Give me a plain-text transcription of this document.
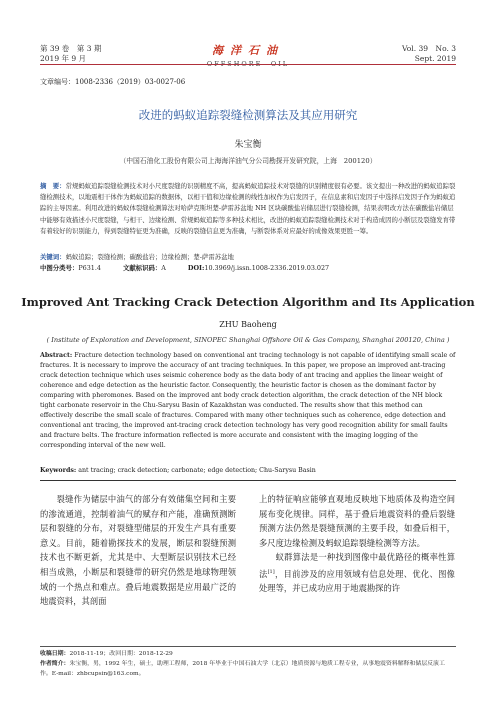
第 39 卷　第 3 期
2019 年 9 月
海洋石油
OFFSHORE　OIL
Vol. 39　No. 3
Sept. 2019
文章编号：1008-2336（2019）03-0027-06
改进的蚂蚁追踪裂缝检测算法及其应用研究
朱宝衡
（中国石油化工股份有限公司上海海洋油气分公司勘探开发研究院，上海　200120）
摘　要：常规蚂蚁追踪裂缝检测技术对小尺度裂缝的识别精度不高，提高蚂蚁追踪技术对裂缝的识别精度很有必要。该文提出一种改进的蚂蚁追踪裂缝检测技术，以地震相干体作为蚂蚁追踪的数据体，以相干值和边缘检测的线性加权作为启发因子，在信息素和启发因子中选择启发因子作为蚂蚁追踪的主导因素。利用改进的蚂蚁体裂缝检测算法对哈萨克斯坦楚-萨雷苏盆地 NH 区块碳酸盐岩储层进行裂缝检测，结果表明改方法在碳酸盐岩储层中能够有效描述小尺度裂缝，与相干、边缘检测、常规蚂蚁追踪等多种技术相比，改进的蚂蚁追踪裂缝检测技术对于构造成因的小断层及裂缝发育带有着较好的识别能力，得到裂缝特征更为准确，反映的裂缝信息更为准确，与断裂体系对应最好的成像效果更胜一筹。
关键词：蚂蚁追踪；裂缝检测；碳酸盐岩；边缘检测；楚-萨雷苏盆地
中图分类号：P631.4	文献标识码：A	DOI:10.3969/j.issn.1008-2336.2019.03.027
Improved Ant Tracking Crack Detection Algorithm and Its Application
ZHU Baoheng
( Institute of Exploration and Development, SINOPEC Shanghai Offshore Oil & Gas Company, Shanghai 200120, China )
Abstract: Fracture detection technology based on conventional ant tracing technology is not capable of identifying small scale of fractures. It is necessary to improve the accuracy of ant tracing techniques. In this paper, we propose an improved ant-tracing crack detection technique which uses seismic coherence body as the data body of ant tracing and applies the linear weight of coherence and edge detection as the heuristic factor. Consequently, the heuristic factor is chosen as the dominant factor by comparing with pheromones. Based on the improved ant body crack detection algorithm, the crack detection of the NH block tight carbonate reservoir in the Chu-Sarysu Basin of Kazakhstan was conducted. The results show that this method can effectively describe the small scale of fractures. Compared with many other techniques such as coherence, edge detection and conventional ant tracing, the improved ant-tracing crack detection technology has very good recognition ability for small faults and fracture belts. The fracture information reflected is more accurate and consistent with the imaging logging of the corresponding interval of the new well.
Keywords: ant tracing; crack detection; carbonate; edge detection; Chu-Sarysu Basin
裂缝作为储层中油气的部分有效储集空间和主要的渗流通道，控制着油气的赋存和产能，准确预测断层和裂缝的分布，对裂缝型储层的开发生产具有重要意义。目前，随着勘探技术的发展，断层和裂缝预测技术也不断更新，尤其是中、大型断层识别技术已经相当成熟，小断层和裂缝带的研究仍然是地球物理领域的一个热点和难点。叠后地震数据是应用最广泛的地震资料，其剖面

上的特征响应能够直观地反映地下地质体及构造空间展布变化规律。同样，基于叠后地震资料的叠后裂缝预测方法仍然是裂缝预测的主要手段，如叠后相干，多尺度边缘检测及蚂蚁追踪裂缝检测等方法。

蚁群算法是一种找到图像中最优路径的概率性算法[1]，目前涉及的应用领域有信息处理、优化、图像处理等，并已成功应用于地震勘探的许

收稿日期：2018-11-19；改回日期：2018-12-29
作者简介：朱宝衡，男，1992 年生，硕士，助理工程师，2018 年毕业于中国石油大学（北京）地质资源与地质工程专业，从事地震资料解释和储层反演工作。E-mail：zhbcupsin@163.com。
